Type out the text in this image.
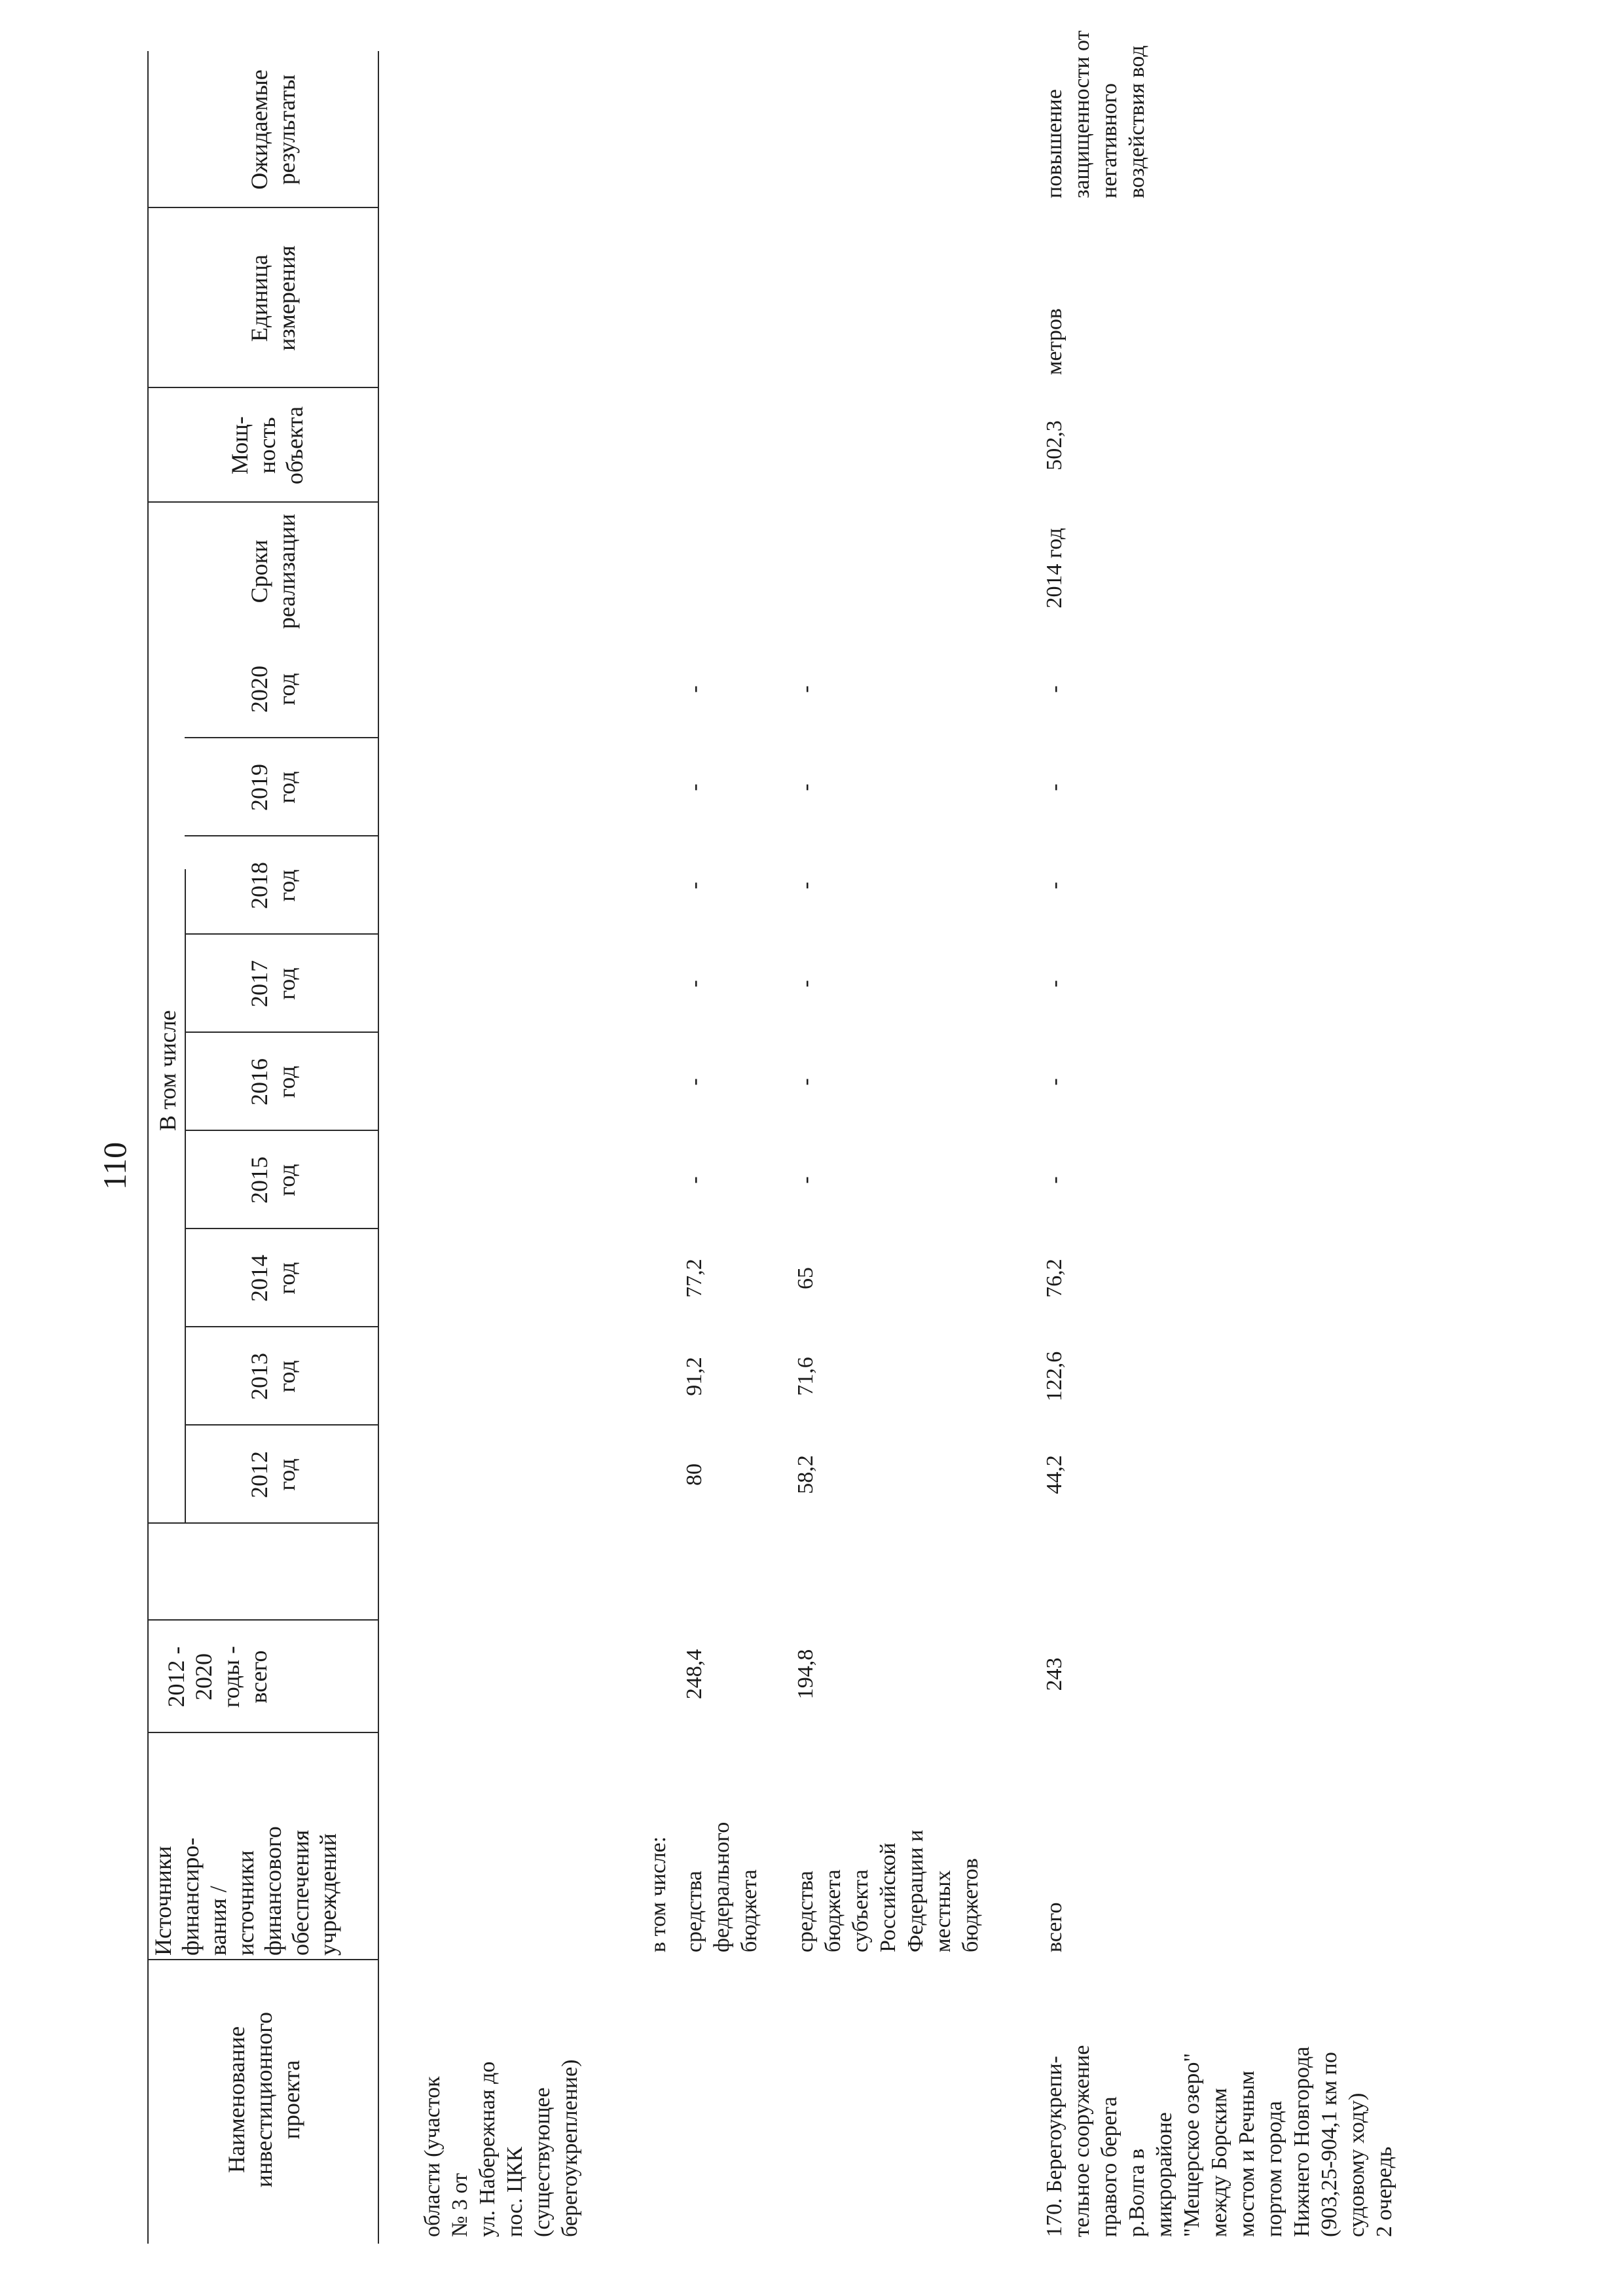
110
Наименование
инвестиционного
проекта
Источники
финансиро-
вания /
источники
финансового
обеспечения
учреждений
2012 -
2020
годы -
всего
В том числе
2012
год
2013
год
2014
год
2015
год
2016
год
2017
год
2018
год
2019
год
2020
год
Сроки
реализации
Мощ-
ность
объекта
Единица
измерения
Ожидаемые
результаты
области (участок
№ 3 от
ул. Набережная до
пос. ЦКК
(существующее
берегоукрепление)
в том числе: средства
федерального
бюджета
248,4
80
91,2
77,2
-
-
-
-
-
-
средства
бюджета
субъекта
Российской
Федерации и
местных
бюджетов
194,8
58,2
71,6
65
-
-
-
-
-
-
170. Берегоукрепи-
тельное сооружение
правого берега
р.Волга в
микрорайоне
"Мещерское озеро"
между Борским
мостом и Речным
портом города
Нижнего Новгорода
(903,25-904,1 км по
судовому ходу)
2 очередь
всего
243
44,2
122,6
76,2
-
-
-
-
-
-
2014 год
502,3
метров
повышение
защищенности от
негативного
воздействия вод
